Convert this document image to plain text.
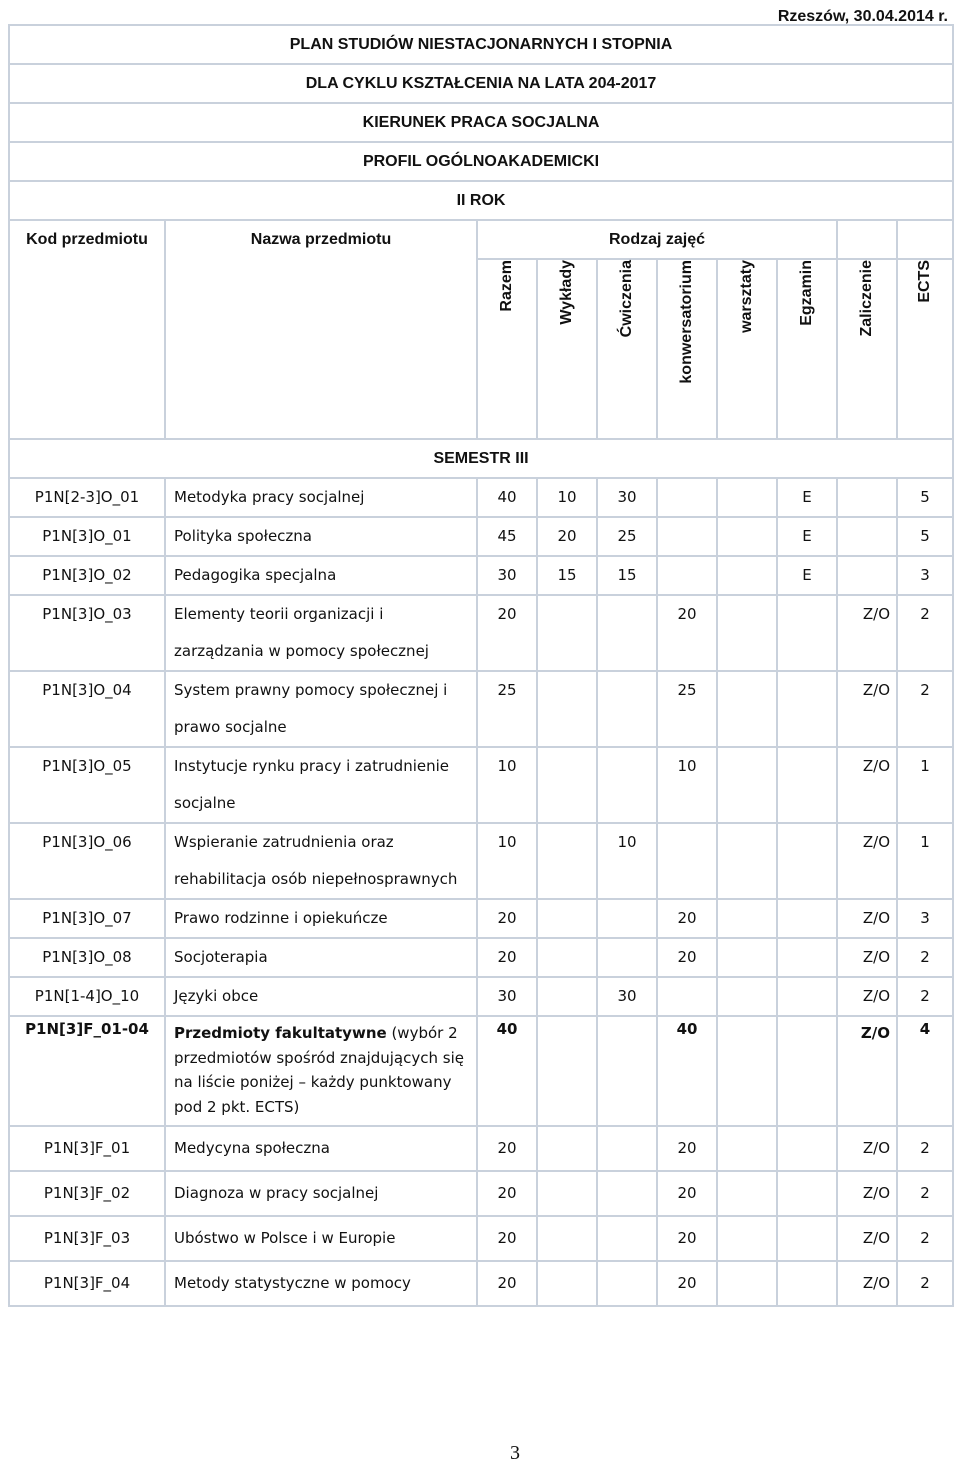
Rzeszów, 30.04.2014 r.
PLAN STUDIÓW NIESTACJONARNYCH I STOPNIA									
DLA CYKLU KSZTAŁCENIA NA LATA 204-2017									
KIERUNEK PRACA SOCJALNA									
PROFIL OGÓLNOAKADEMICKI									
II ROK									
Kod przedmiotu	Nazwa przedmiotu	Rodzaj zajęć							
		Razem	Wykłady	Ćwiczenia	konwersatorium	warsztaty	Egzamin	Zaliczenie	ECTS
SEMESTR III									
P1N[2-3]O_01	Metodyka pracy socjalnej	40	10	30			E		5
P1N[3]O_01	Polityka społeczna	45	20	25			E		5
P1N[3]O_02	Pedagogika specjalna	30	15	15			E		3
P1N[3]O_03	Elementy teorii organizacji i zarządzania w pomocy społecznej	20			20			Z/O	2
P1N[3]O_04	System prawny pomocy społecznej i prawo socjalne	25			25			Z/O	2
P1N[3]O_05	Instytucje rynku pracy i zatrudnienie socjalne	10			10			Z/O	1
P1N[3]O_06	Wspieranie zatrudnienia oraz rehabilitacja osób niepełnosprawnych	10		10				Z/O	1
P1N[3]O_07	Prawo rodzinne i opiekuńcze	20			20			Z/O	3
P1N[3]O_08	Socjoterapia	20			20			Z/O	2
P1N[1-4]O_10	Języki obce	30		30				Z/O	2
P1N[3]F_01-04	Przedmioty fakultatywne (wybór 2 przedmiotów spośród znajdujących się na liście poniżej – każdy punktowany pod 2 pkt. ECTS)	40			40			Z/O	4
P1N[3]F_01	Medycyna społeczna	20			20			Z/O	2
P1N[3]F_02	Diagnoza w pracy socjalnej	20			20			Z/O	2
P1N[3]F_03	Ubóstwo w Polsce i w Europie	20			20			Z/O	2
P1N[3]F_04	Metody statystyczne w pomocy	20			20			Z/O	2
3
